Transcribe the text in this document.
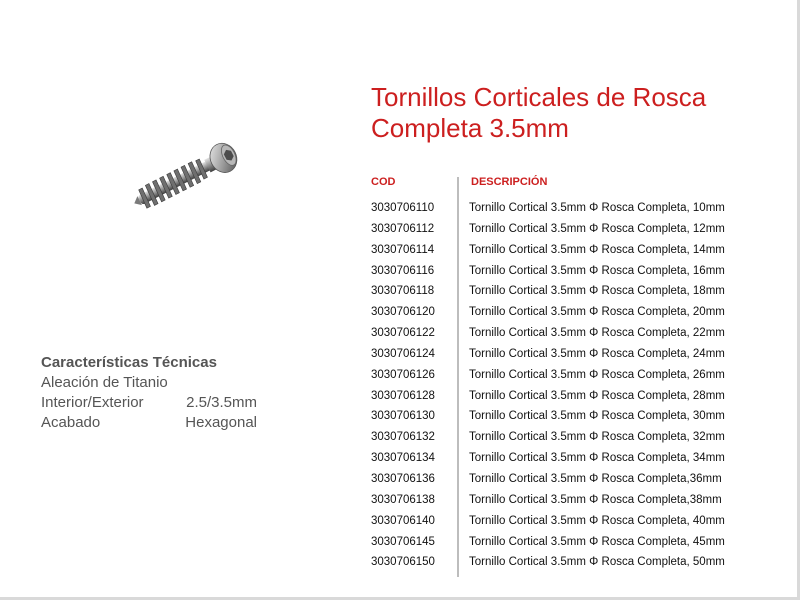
Tornillos Corticales de Rosca Completa 3.5mm
Características Técnicas
Aleación de Titanio
Interior/Exterior	2.5/3.5mm
Acabado	Hexagonal
COD	DESCRIPCIÓN
3030706110	Tornillo Cortical 3.5mm Φ Rosca Completa, 10mm
3030706112	Tornillo Cortical 3.5mm Φ Rosca Completa, 12mm
3030706114	Tornillo Cortical 3.5mm Φ Rosca Completa, 14mm
3030706116	Tornillo Cortical 3.5mm Φ Rosca Completa, 16mm
3030706118	Tornillo Cortical 3.5mm Φ Rosca Completa, 18mm
3030706120	Tornillo Cortical 3.5mm Φ Rosca Completa, 20mm
3030706122	Tornillo Cortical 3.5mm Φ Rosca Completa, 22mm
3030706124	Tornillo Cortical 3.5mm Φ Rosca Completa, 24mm
3030706126	Tornillo Cortical 3.5mm Φ Rosca Completa, 26mm
3030706128	Tornillo Cortical 3.5mm Φ Rosca Completa, 28mm
3030706130	Tornillo Cortical 3.5mm Φ Rosca Completa, 30mm
3030706132	Tornillo Cortical 3.5mm Φ Rosca Completa, 32mm
3030706134	Tornillo Cortical 3.5mm Φ Rosca Completa, 34mm
3030706136	Tornillo Cortical 3.5mm Φ Rosca Completa,36mm
3030706138	Tornillo Cortical 3.5mm Φ Rosca Completa,38mm
3030706140	Tornillo Cortical 3.5mm Φ Rosca Completa, 40mm
3030706145	Tornillo Cortical 3.5mm Φ Rosca Completa, 45mm
3030706150	Tornillo Cortical 3.5mm Φ Rosca Completa, 50mm
